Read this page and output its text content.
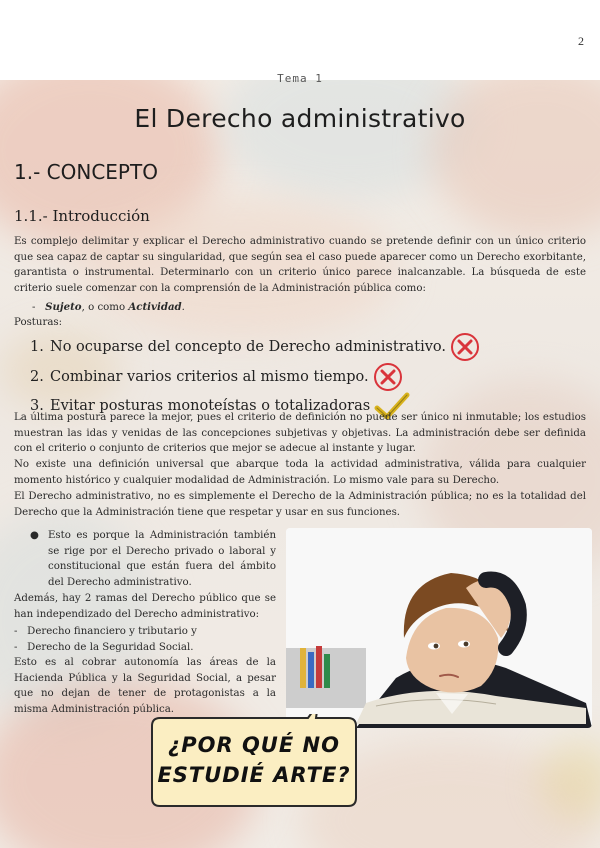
2
Tema 1
El Derecho administrativo
1.- CONCEPTO
1.1.- Introducción
Es complejo delimitar y explicar el Derecho administrativo cuando se pretende definir con un único criterio que sea capaz de captar su singularidad, que según sea el caso puede aparecer como un Derecho exorbitante, garantista o instrumental. Determinarlo con un criterio único parece inalcanzable. La búsqueda de este criterio suele comenzar con la comprensión de la Administración pública como:
- Sujeto, o como Actividad.
Posturas:
1. No ocuparse del concepto de Derecho administrativo.
2. Combinar varios criterios al mismo tiempo.
3. Evitar posturas monoteístas o totalizadoras
La última postura parece la mejor, pues el criterio de definición no puede ser único ni inmutable; los estudios muestran las idas y venidas de las concepciones subjetivas y objetivas. La administración debe ser definida con el criterio o conjunto de criterios que mejor se adecue al instante y lugar.
No existe una definición universal que abarque toda la actividad administrativa, válida para cualquier momento histórico y cualquier modalidad de Administración. Lo mismo vale para su Derecho.
El Derecho administrativo, no es simplemente el Derecho de la Administración pública; no es la totalidad del Derecho que la Administración tiene que respetar y usar en sus funciones.
● Esto es porque la Administración también se rige por el Derecho privado o laboral y constitucional que están fuera del ámbito del Derecho administrativo.
Además, hay 2 ramas del Derecho público que se han independizado del Derecho administrativo:
-   Derecho financiero y tributario y
-   Derecho de la Seguridad Social.
Esto es al cobrar autonomía las áreas de la Hacienda Pública y la Seguridad Social, a pesar que no dejan de tener de protagonistas a la misma Administración pública.
¿POR QUÉ NO
ESTUDIÉ ARTE?
